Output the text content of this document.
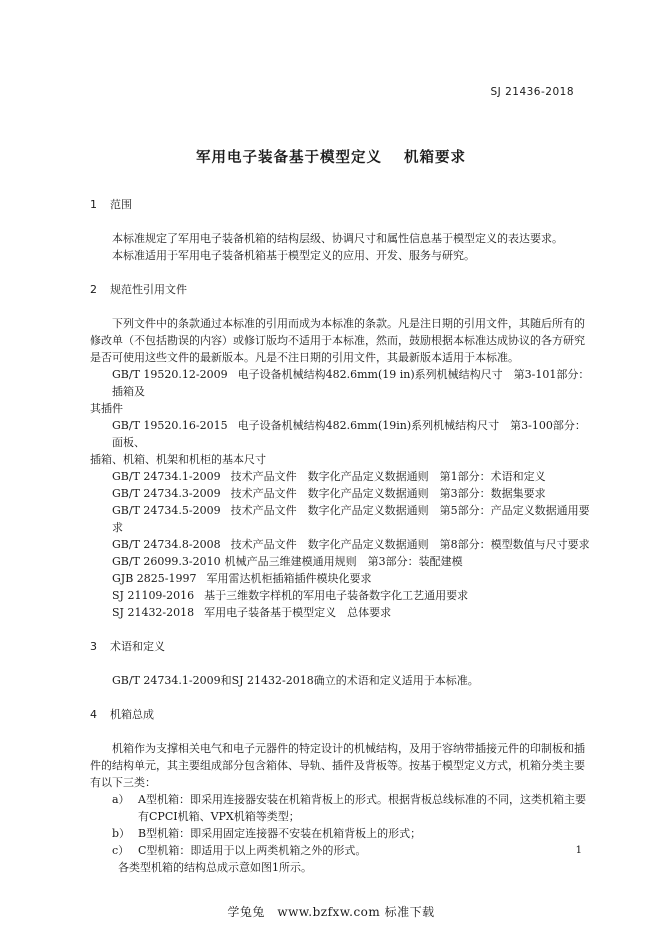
SJ 21436-2018
军用电子装备基于模型定义 机箱要求
1 范围

本标准规定了军用电子装备机箱的结构层级、协调尺寸和属性信息基于模型定义的表达要求。

本标准适用于军用电子装备机箱基于模型定义的应用、开发、服务与研究。

2 规范性引用文件

下列文件中的条款通过本标准的引用而成为本标准的条款。凡是注日期的引用文件，其随后所有的

修改单（不包括勘误的内容）或修订版均不适用于本标准，然而，鼓励根据本标准达成协议的各方研究

是否可使用这些文件的最新版本。凡是不注日期的引用文件，其最新版本适用于本标准。

GB/T 19520.12-2009 电子设备机械结构482.6mm(19 in)系列机械结构尺寸　第3-101部分：插箱及

其插件

GB/T 19520.16-2015 电子设备机械结构482.6mm(19in)系列机械结构尺寸　第3-100部分：面板、

插箱、机箱、机架和机柜的基本尺寸

GB/T 24734.1-2009 技术产品文件　数字化产品定义数据通则　第1部分：术语和定义

GB/T 24734.3-2009 技术产品文件　数字化产品定义数据通则　第3部分：数据集要求

GB/T 24734.5-2009 技术产品文件　数字化产品定义数据通则　第5部分：产品定义数据通用要求

GB/T 24734.8-2008 技术产品文件　数字化产品定义数据通则　第8部分：模型数值与尺寸要求

GB/T 26099.3-2010 机械产品三维建模通用规则　第3部分：装配建模

GJB 2825-1997 军用雷达机柜插箱插件模块化要求

SJ 21109-2016 基于三维数字样机的军用电子装备数字化工艺通用要求

SJ 21432-2018 军用电子装备基于模型定义　总体要求

3 术语和定义

GB/T 24734.1-2009和SJ 21432-2018确立的术语和定义适用于本标准。

4 机箱总成

机箱作为支撑相关电气和电子元器件的特定设计的机械结构，及用于容纳带插接元件的印制板和插

件的结构单元，其主要组成部分包含箱体、导轨、插件及背板等。按基于模型定义方式，机箱分类主要

有以下三类：

a） A型机箱：即采用连接器安装在机箱背板上的形式。根据背板总线标准的不同，这类机箱主要

有CPCI机箱、VPX机箱等类型；

b） B型机箱：即采用固定连接器不安装在机箱背板上的形式；

c） C型机箱：即适用于以上两类机箱之外的形式。

各类型机箱的结构总成示意如图1所示。

1
学兔兔　www.bzfxw.com 标准下载
